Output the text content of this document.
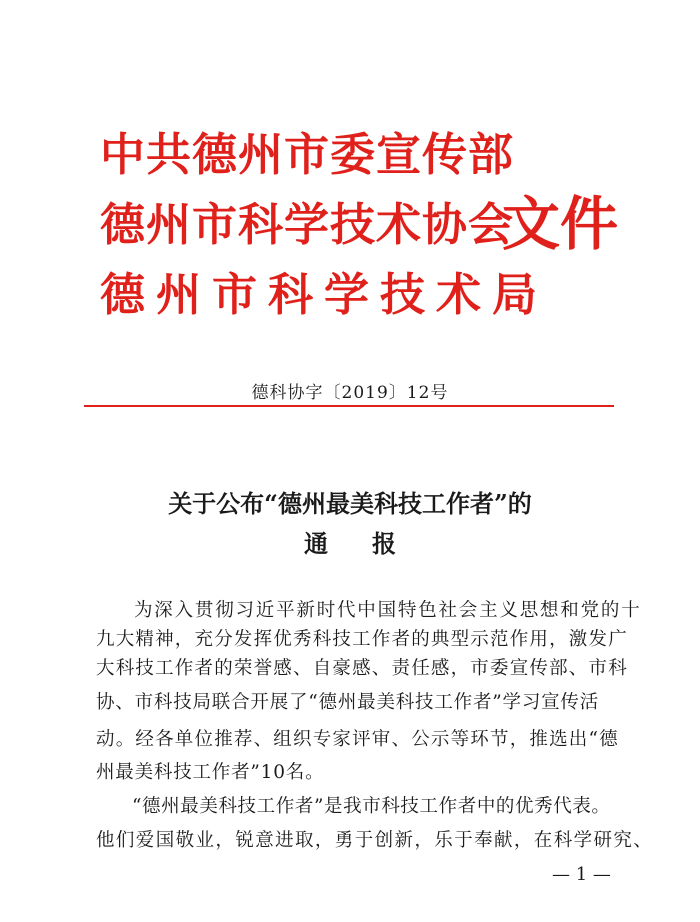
中共德州市委宣传部
德州市科学技术协会
德州市科学技术局
文件
德科协字〔2019〕12号
关于公布“德州最美科技工作者”的
通报
为深入贯彻习近平新时代中国特色社会主义思想和党的十
九大精神，充分发挥优秀科技工作者的典型示范作用，激发广
大科技工作者的荣誉感、自豪感、责任感，市委宣传部、市科
协、市科技局联合开展了“德州最美科技工作者”学习宣传活
动。经各单位推荐、组织专家评审、公示等环节，推选出“德
州最美科技工作者”10名。
“德州最美科技工作者”是我市科技工作者中的优秀代表。
他们爱国敬业，锐意进取，勇于创新，乐于奉献，在科学研究、
— 1 —
